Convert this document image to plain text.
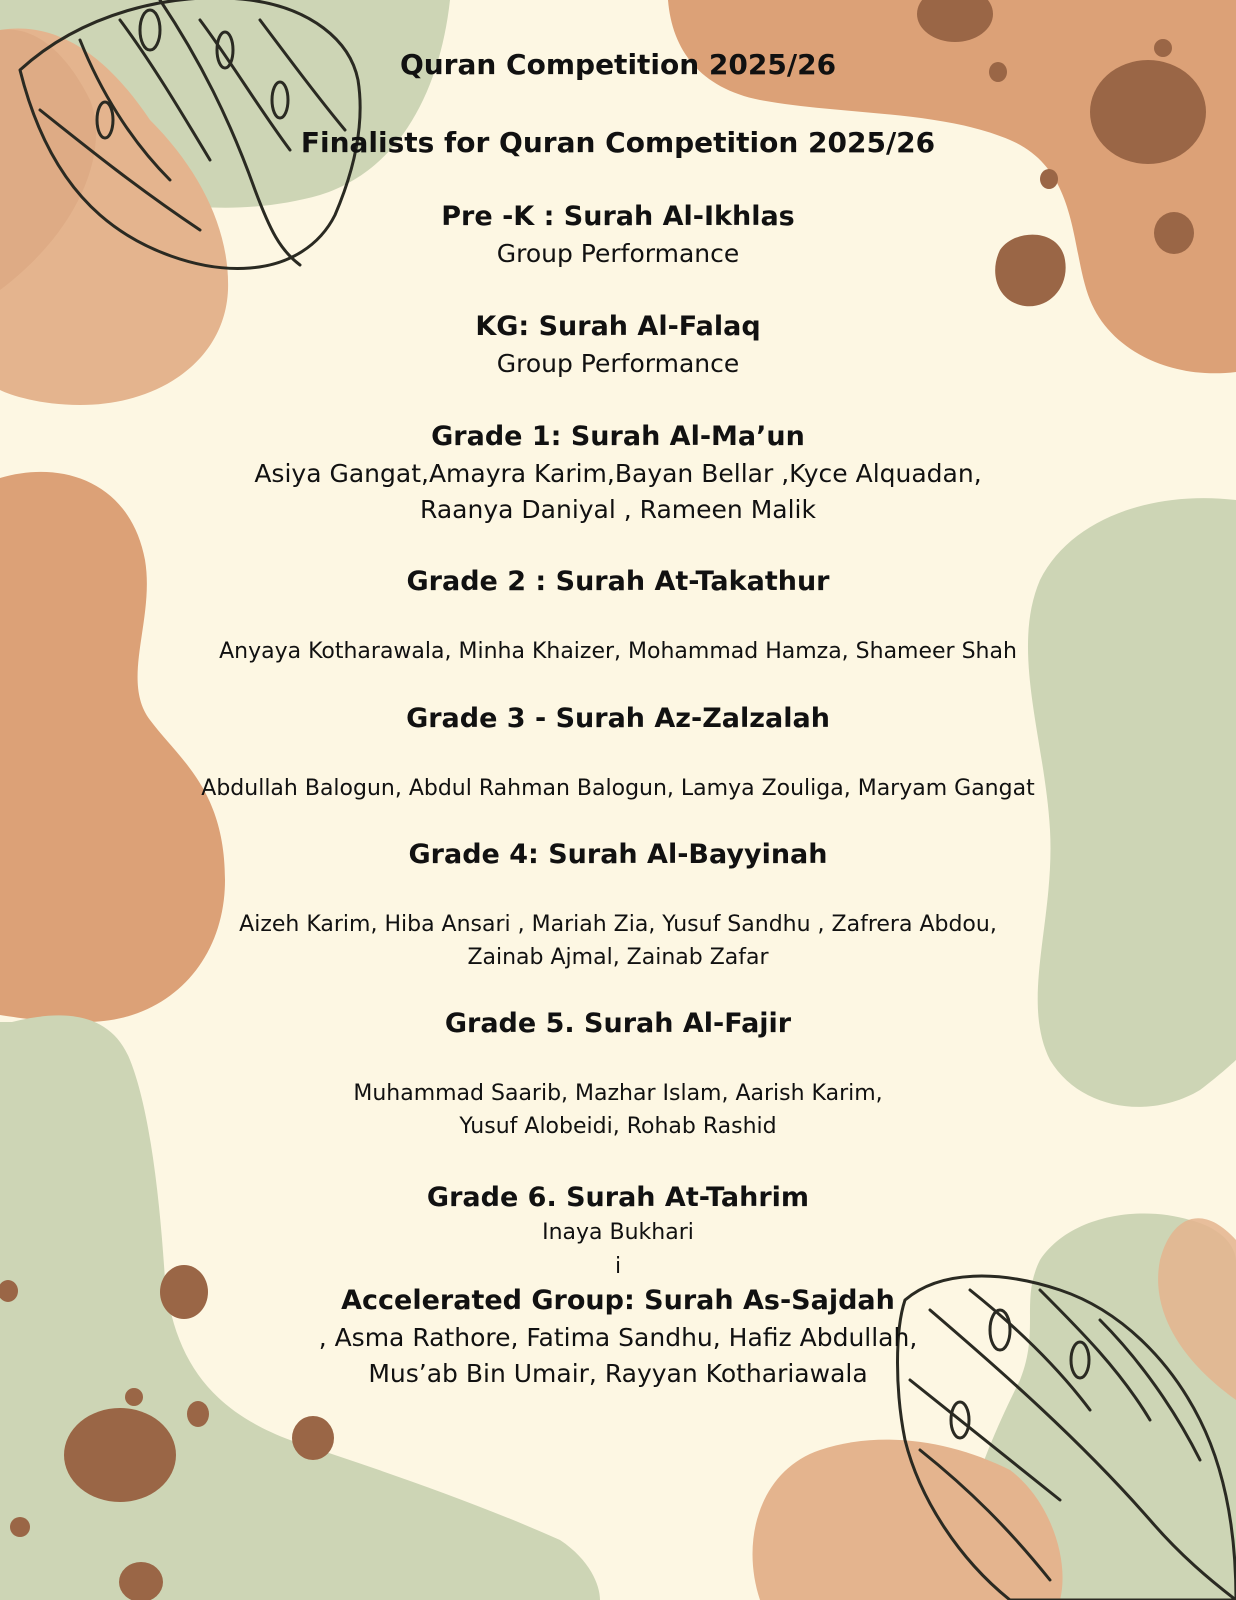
Quran Competition 2025/26
Finalists for Quran Competition 2025/26
Pre -K : Surah Al-Ikhlas
Group Performance
KG: Surah Al-Falaq
Group Performance
Grade 1: Surah Al-Ma’un
Asiya Gangat,Amayra Karim,Bayan Bellar ,Kyce Alquadan,
Raanya Daniyal , Rameen Malik
Grade 2 : Surah At-Takathur
Anyaya Kotharawala, Minha Khaizer, Mohammad Hamza, Shameer Shah
Grade 3 - Surah Az-Zalzalah
Abdullah Balogun, Abdul Rahman Balogun, Lamya Zouliga, Maryam Gangat
Grade 4: Surah Al-Bayyinah
Aizeh Karim, Hiba Ansari , Mariah Zia, Yusuf Sandhu , Zafrera Abdou,
Zainab Ajmal, Zainab Zafar
Grade 5. Surah Al-Fajir
Muhammad Saarib, Mazhar Islam, Aarish Karim,
Yusuf Alobeidi, Rohab Rashid
Grade 6. Surah At-Tahrim
Inaya Bukhari
i
Accelerated Group: Surah As-Sajdah
, Asma Rathore, Fatima Sandhu, Hafiz Abdullah,
Mus’ab Bin Umair, Rayyan Kothariawala
